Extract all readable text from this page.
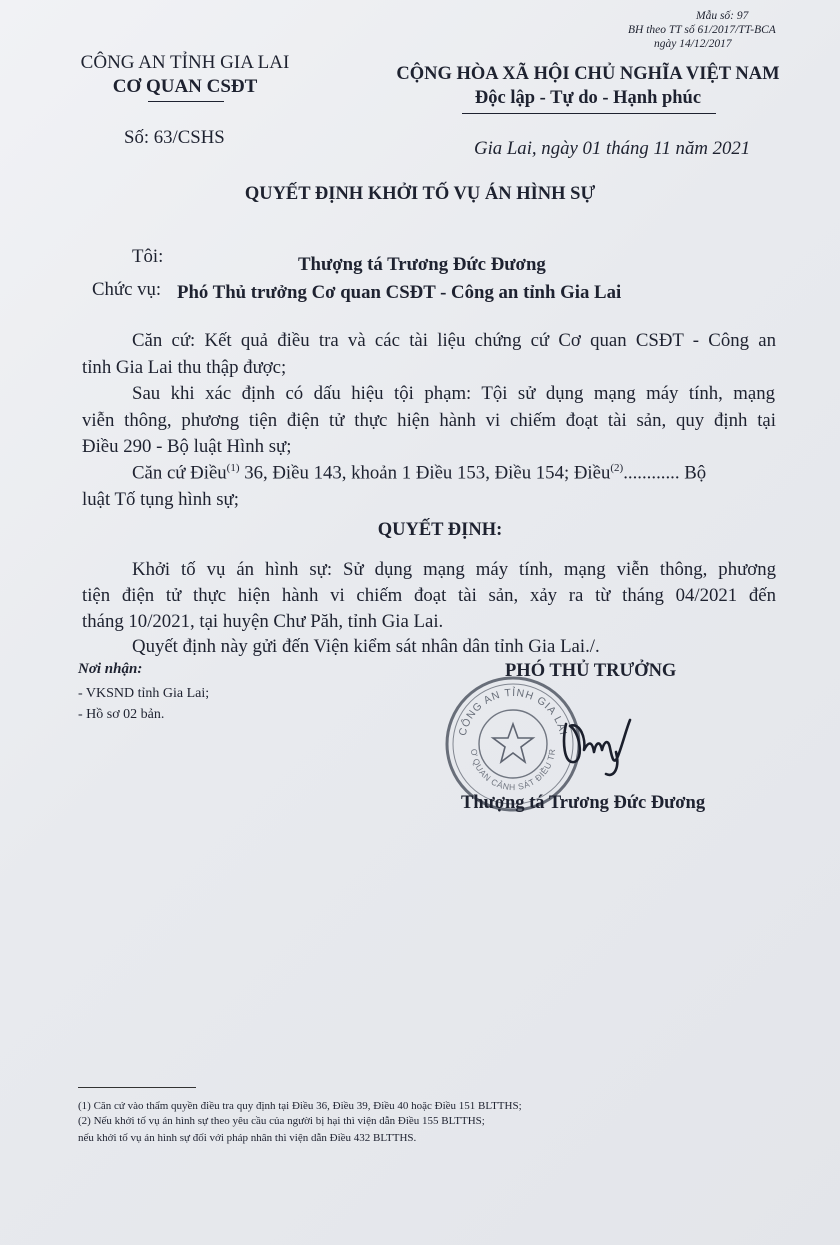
Mẫu số: 97
BH theo TT số 61/2017/TT-BCA
ngày 14/12/2017
CÔNG AN TỈNH GIA LAI
CƠ QUAN CSĐT
CỘNG HÒA XÃ HỘI CHỦ NGHĨA VIỆT NAM
Độc lập - Tự do - Hạnh phúc
Số: 63/CSHS
Gia Lai, ngày 01 tháng 11 năm 2021
QUYẾT ĐỊNH KHỞI TỐ VỤ ÁN HÌNH SỰ
Tôi:	Thượng tá Trương Đức Đương
Chức vụ: Phó Thủ trưởng Cơ quan CSĐT - Công an tỉnh Gia Lai
Căn cứ: Kết quả điều tra và các tài liệu chứng cứ Cơ quan CSĐT - Công an
tỉnh Gia Lai thu thập được;
Sau khi xác định có dấu hiệu tội phạm: Tội sử dụng mạng máy tính, mạng
viễn thông, phương tiện điện tử thực hiện hành vi chiếm đoạt tài sản, quy định tại
Điều 290 - Bộ luật Hình sự;
Căn cứ Điều$^{(1)}$ 36, Điều 143, khoản 1 Điều 153, Điều 154; Điều$^{(2)}$............ Bộ
luật Tố tụng hình sự;
QUYẾT ĐỊNH:
Khởi tố vụ án hình sự: Sử dụng mạng máy tính, mạng viễn thông, phương
tiện điện tử thực hiện hành vi chiếm đoạt tài sản, xảy ra từ tháng 04/2021 đến
tháng 10/2021, tại huyện Chư Păh, tỉnh Gia Lai.
Quyết định này gửi đến Viện kiểm sát nhân dân tỉnh Gia Lai./.
Nơi nhận:
- VKSND tỉnh Gia Lai;
- Hồ sơ 02 bản.
PHÓ THỦ TRƯỞNG
CÔNG AN TỈNH GIA LAI
CƠ QUAN CẢNH SÁT ĐIỀU TRA
Thượng tá Trương Đức Đương
(1) Căn cứ vào thẩm quyền điều tra quy định tại Điều 36, Điều 39, Điều 40 hoặc Điều 151 BLTTHS;
(2) Nếu khởi tố vụ án hình sự theo yêu cầu của người bị hại thì viện dẫn Điều 155 BLTTHS;
nếu khởi tố vụ án hình sự đối với pháp nhân thì viện dẫn Điều 432 BLTTHS.
